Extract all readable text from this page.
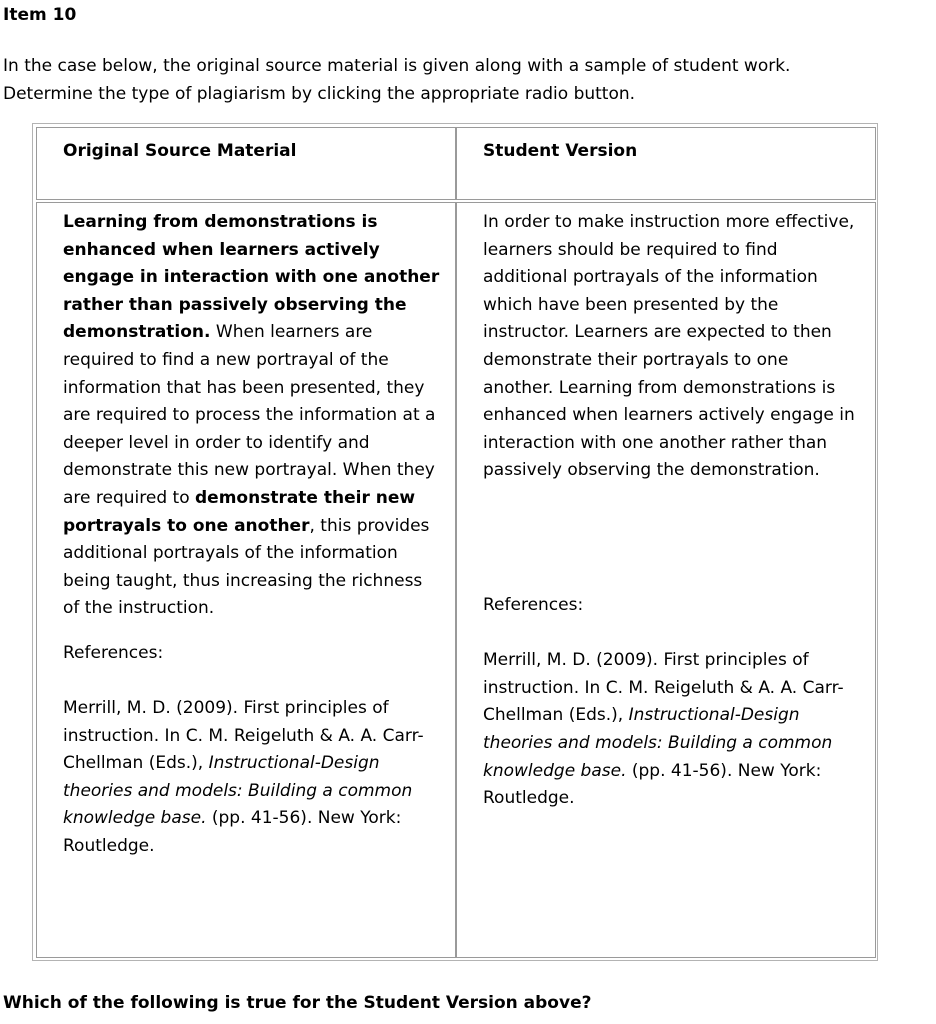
Item 10
In the case below, the original source material is given along with a sample of student work.
Determine the type of plagiarism by clicking the appropriate radio button.
Original Source Material	Student Version

Learning from demonstrations is enhanced when learners actively engage in interaction with one another rather than passively observing the demonstration. When learners are required to find a new portrayal of the information that has been presented, they are required to process the information at a deeper level in order to identify and demonstrate this new portrayal. When they are required to demonstrate their new portrayals to one another, this provides additional portrayals of the information being taught, thus increasing the richness of the instruction.

References:

Merrill, M. D. (2009). First principles of instruction. In C. M. Reigeluth & A. A. Carr-Chellman (Eds.), Instructional-Design theories and models: Building a common knowledge base. (pp. 41-56). New York: Routledge.

In order to make instruction more effective, learners should be required to find additional portrayals of the information which have been presented by the instructor. Learners are expected to then demonstrate their portrayals to one another. Learning from demonstrations is enhanced when learners actively engage in interaction with one another rather than passively observing the demonstration.

References:

Merrill, M. D. (2009). First principles of instruction. In C. M. Reigeluth & A. A. Carr-Chellman (Eds.), Instructional-Design theories and models: Building a common knowledge base. (pp. 41-56). New York: Routledge.

Which of the following is true for the Student Version above?
